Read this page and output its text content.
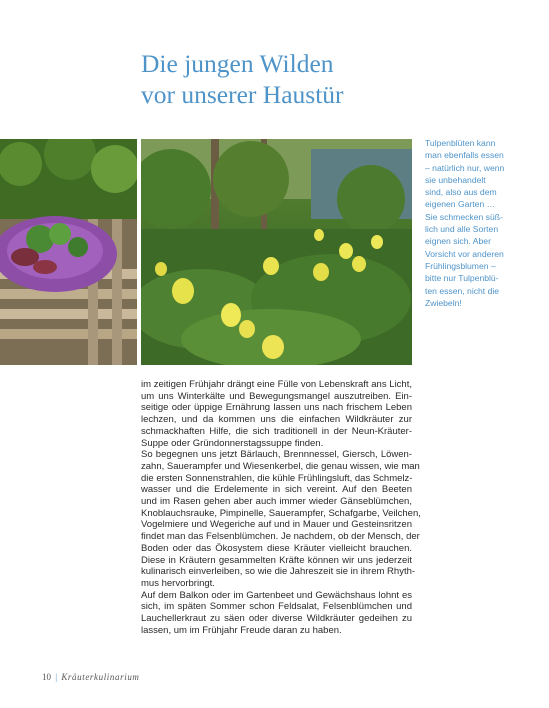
Die jungen Wilden
vor unserer Haustür
Tulpenblüten kann
man ebenfalls essen
– natürlich nur, wenn
sie unbehandelt
sind, also aus dem
eigenen Garten …
Sie schmecken süß-
lich und alle Sorten
eignen sich. Aber
Vorsicht vor anderen
Frühlingsblumen –
bitte nur Tulpenblü-
ten essen, nicht die
Zwiebeln!
im zeitigen Frühjahr drängt eine Fülle von Lebenskraft ans Licht,
um uns Winterkälte und Bewegungsmangel auszutreiben. Ein-
seitige oder üppige Ernährung lassen uns nach frischem Leben
lechzen, und da kommen uns die einfachen Wildkräuter zur
schmackhaften Hilfe, die sich traditionell in der Neun-Kräuter-
Suppe oder Gründonnerstagssuppe finden.
So begegnen uns jetzt Bärlauch, Brennnessel, Giersch, Löwen-
zahn, Sauerampfer und Wiesenkerbel, die genau wissen, wie man
die ersten Sonnenstrahlen, die kühle Frühlingsluft, das Schmelz-
wasser und die Erdelemente in sich vereint. Auf den Beeten
und im Rasen gehen aber auch immer wieder Gänseblümchen,
Knoblauchsrauke, Pimpinelle, Sauerampfer, Schafgarbe, Veilchen,
Vogelmiere und Wegeriche auf und in Mauer und Gesteinsritzen
findet man das Felsenblümchen. Je nachdem, ob der Mensch, der
Boden oder das Ökosystem diese Kräuter vielleicht brauchen.
Diese in Kräutern gesammelten Kräfte können wir uns jederzeit
kulinarisch einverleiben, so wie die Jahreszeit sie in ihrem Rhyth-
mus hervorbringt.
Auf dem Balkon oder im Gartenbeet und Gewächshaus lohnt es
sich, im späten Sommer schon Feldsalat, Felsenblümchen und
Lauchellerkraut zu säen oder diverse Wildkräuter gedeihen zu
lassen, um im Frühjahr Freude daran zu haben.
10 | Kräuterkulinarium
